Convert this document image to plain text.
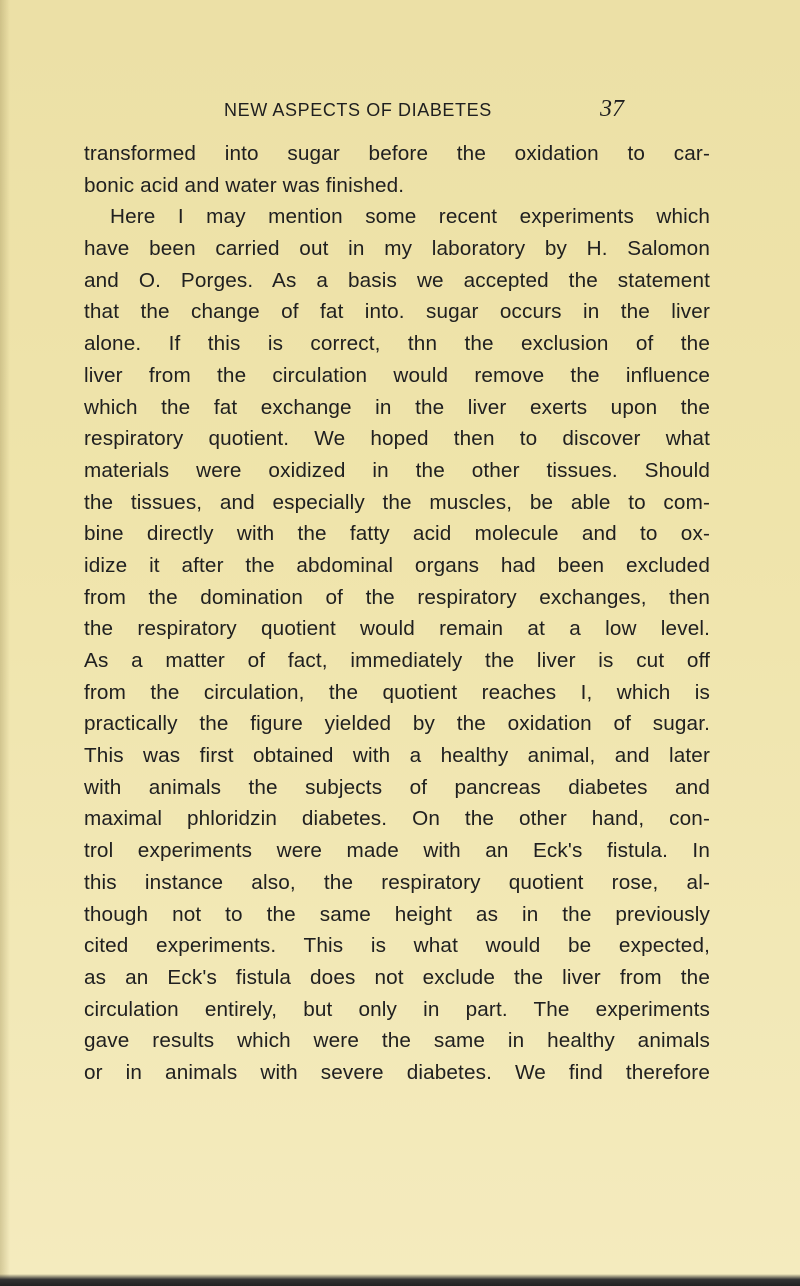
NEW ASPECTS OF DIABETES	37
transformed into sugar before the oxidation to car-
bonic acid and water was finished.
Here I may mention some recent experiments which
have been carried out in my laboratory by H. Salomon
and O. Porges. As a basis we accepted the statement
that the change of fat into. sugar occurs in the liver
alone. If this is correct, thn the exclusion of the
liver from the circulation would remove the influence
which the fat exchange in the liver exerts upon the
respiratory quotient. We hoped then to discover what
materials were oxidized in the other tissues. Should
the tissues, and especially the muscles, be able to com-
bine directly with the fatty acid molecule and to ox-
idize it after the abdominal organs had been excluded
from the domination of the respiratory exchanges, then
the respiratory quotient would remain at a low level.
As a matter of fact, immediately the liver is cut off
from the circulation, the quotient reaches I, which is
practically the figure yielded by the oxidation of sugar.
This was first obtained with a healthy animal, and later
with animals the subjects of pancreas diabetes and
maximal phloridzin diabetes. On the other hand, con-
trol experiments were made with an Eck's fistula. In
this instance also, the respiratory quotient rose, al-
though not to the same height as in the previously
cited experiments. This is what would be expected,
as an Eck's fistula does not exclude the liver from the
circulation entirely, but only in part. The experiments
gave results which were the same in healthy animals
or in animals with severe diabetes. We find therefore
